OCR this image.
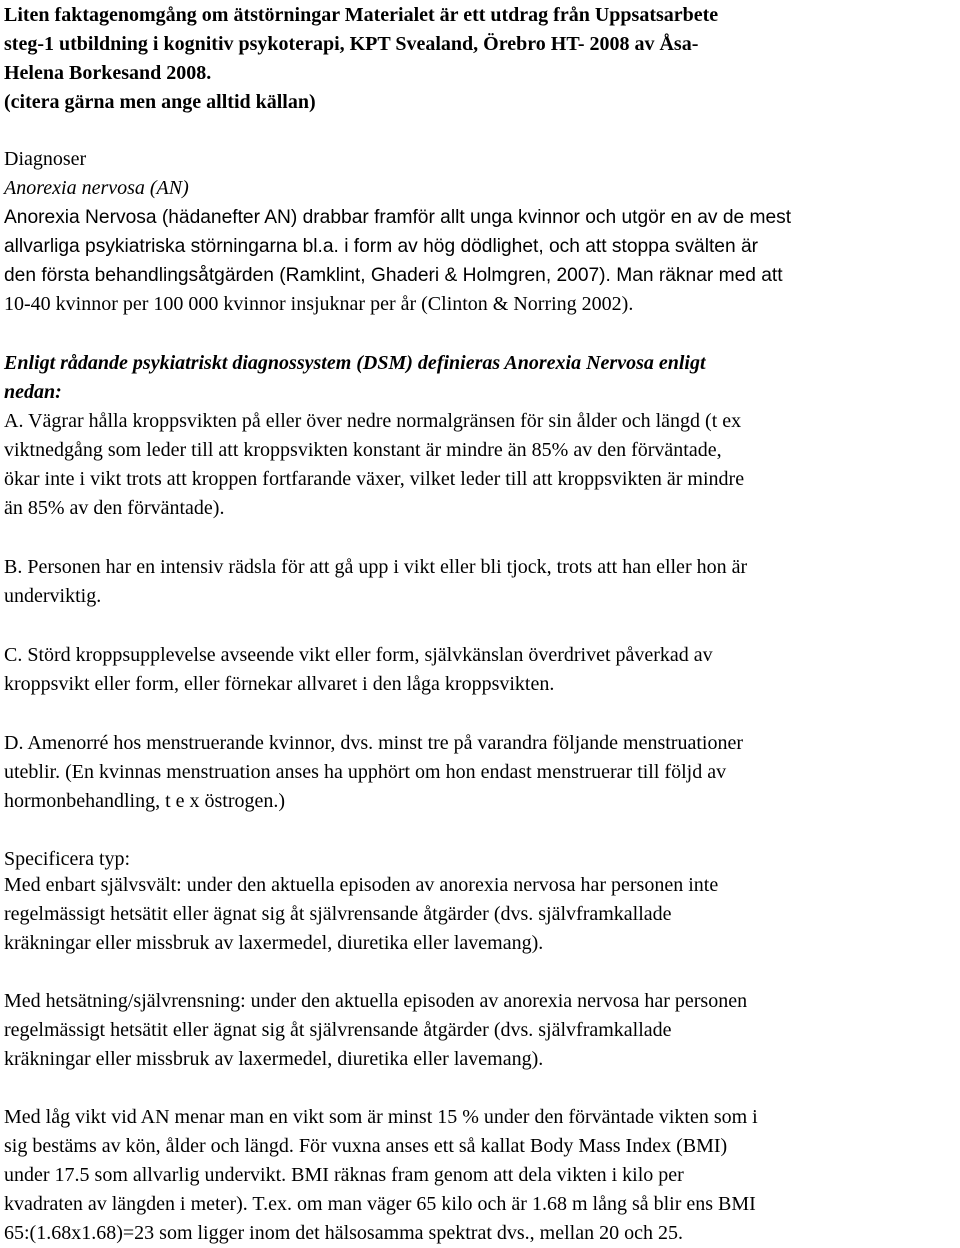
Liten faktagenomgång om ätstörningar Materialet är ett utdrag från Uppsatsarbete
steg-1 utbildning i kognitiv psykoterapi, KPT Svealand, Örebro HT- 2008 av Åsa-
Helena Borkesand 2008.
(citera gärna men ange alltid källan)
Diagnoser
Anorexia nervosa (AN)
Anorexia Nervosa (hädanefter AN) drabbar framför allt unga kvinnor och utgör en av de mest
allvarliga psykiatriska störningarna bl.a. i form av hög dödlighet, och att stoppa svälten är
den första behandlingsåtgärden (Ramklint, Ghaderi & Holmgren, 2007). Man räknar med att
10-40 kvinnor per 100 000 kvinnor insjuknar per år (Clinton & Norring 2002).
Enligt rådande psykiatriskt diagnossystem (DSM) definieras Anorexia Nervosa enligt
nedan:
A. Vägrar hålla kroppsvikten på eller över nedre normalgränsen för sin ålder och längd (t ex
viktnedgång som leder till att kroppsvikten konstant är mindre än 85% av den förväntade,
ökar inte i vikt trots att kroppen fortfarande växer, vilket leder till att kroppsvikten är mindre
än 85% av den förväntade).
B. Personen har en intensiv rädsla för att gå upp i vikt eller bli tjock, trots att han eller hon är
underviktig.
C. Störd kroppsupplevelse avseende vikt eller form, självkänslan överdrivet påverkad av
kroppsvikt eller form, eller förnekar allvaret i den låga kroppsvikten.
D. Amenorré hos menstruerande kvinnor, dvs. minst tre på varandra följande menstruationer
uteblir. (En kvinnas menstruation anses ha upphört om hon endast menstruerar till följd av
hormonbehandling, t e x östrogen.)
Specificera typ:
Med enbart självsvält: under den aktuella episoden av anorexia nervosa har personen inte
regelmässigt hetsätit eller ägnat sig åt självrensande åtgärder (dvs. självframkallade
kräkningar eller missbruk av laxermedel, diuretika eller lavemang).
Med hetsätning/självrensning: under den aktuella episoden av anorexia nervosa har personen
regelmässigt hetsätit eller ägnat sig åt självrensande åtgärder (dvs. självframkallade
kräkningar eller missbruk av laxermedel, diuretika eller lavemang).
Med låg vikt vid AN menar man en vikt som är minst 15 % under den förväntade vikten som i
sig bestäms av kön, ålder och längd. För vuxna anses ett så kallat Body Mass Index (BMI)
under 17.5 som allvarlig undervikt. BMI räknas fram genom att dela vikten i kilo per
kvadraten av längden i meter). T.ex. om man väger 65 kilo och är 1.68 m lång så blir ens BMI
65:(1.68x1.68)=23 som ligger inom det hälsosamma spektrat dvs., mellan 20 och 25.
